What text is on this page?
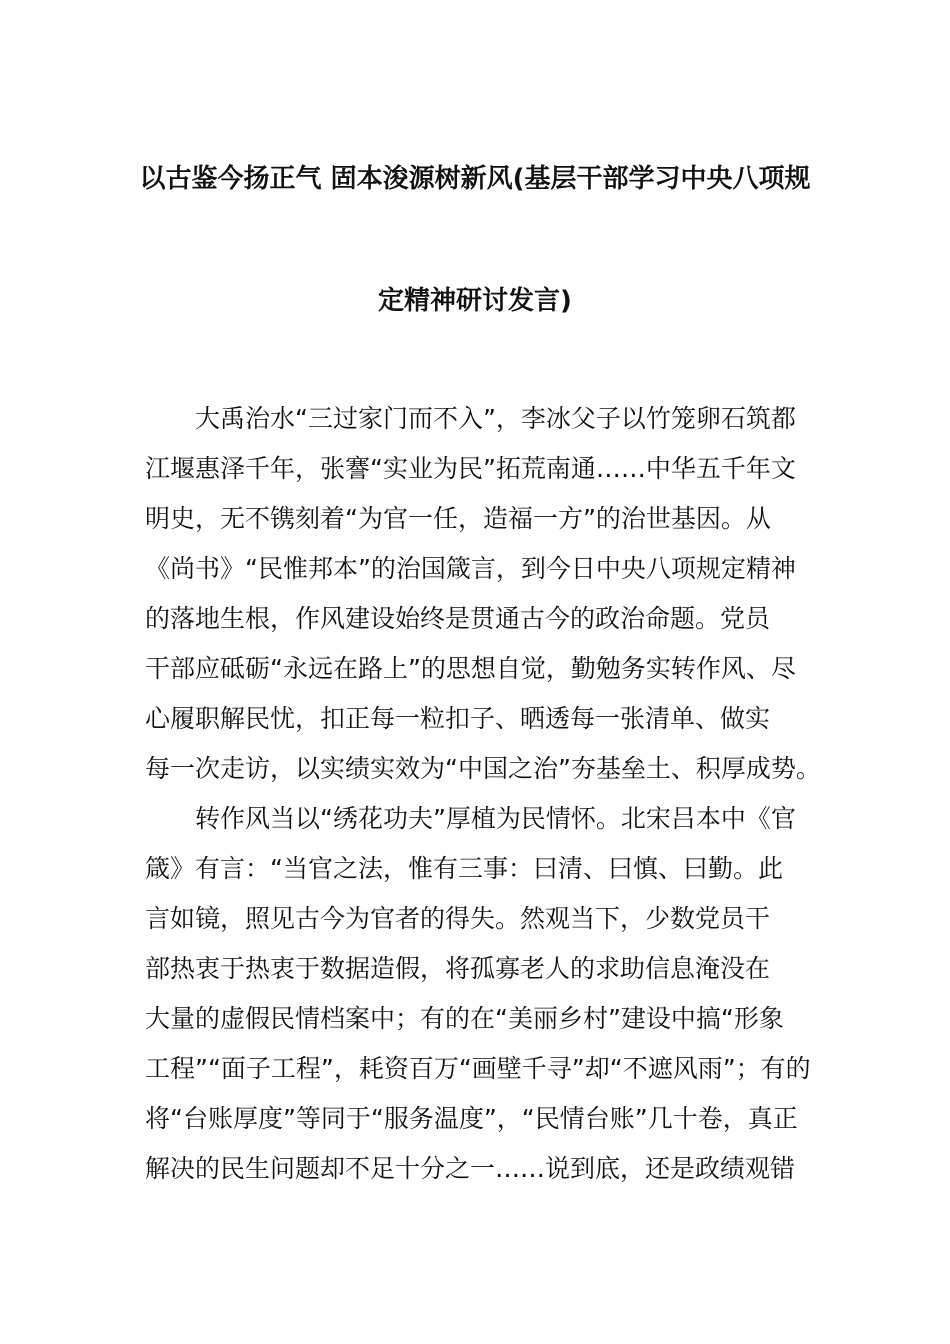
以古鉴今扬正气 固本浚源树新风(基层干部学习中央八项规
定精神研讨发言)
大禹治水“三过家门而不入”，李冰父子以竹笼卵石筑都
江堰惠泽千年，张謇“实业为民”拓荒南通……中华五千年文
明史，无不镌刻着“为官一任，造福一方”的治世基因。从
《尚书》“民惟邦本”的治国箴言，到今日中央八项规定精神
的落地生根，作风建设始终是贯通古今的政治命题。党员
干部应砥砺“永远在路上”的思想自觉，勤勉务实转作风、尽
心履职解民忧，扣正每一粒扣子、晒透每一张清单、做实
每一次走访，以实绩实效为“中国之治”夯基垒土、积厚成势。
转作风当以“绣花功夫”厚植为民情怀。北宋吕本中《官
箴》有言：“当官之法，惟有三事：曰清、曰慎、曰勤。此
言如镜，照见古今为官者的得失。然观当下，少数党员干
部热衷于热衷于数据造假，将孤寡老人的求助信息淹没在
大量的虚假民情档案中；有的在“美丽乡村”建设中搞“形象
工程”“面子工程”，耗资百万“画壁千寻”却“不遮风雨”；有的
将“台账厚度”等同于“服务温度”，“民情台账”几十卷，真正
解决的民生问题却不足十分之一……说到底，还是政绩观错
